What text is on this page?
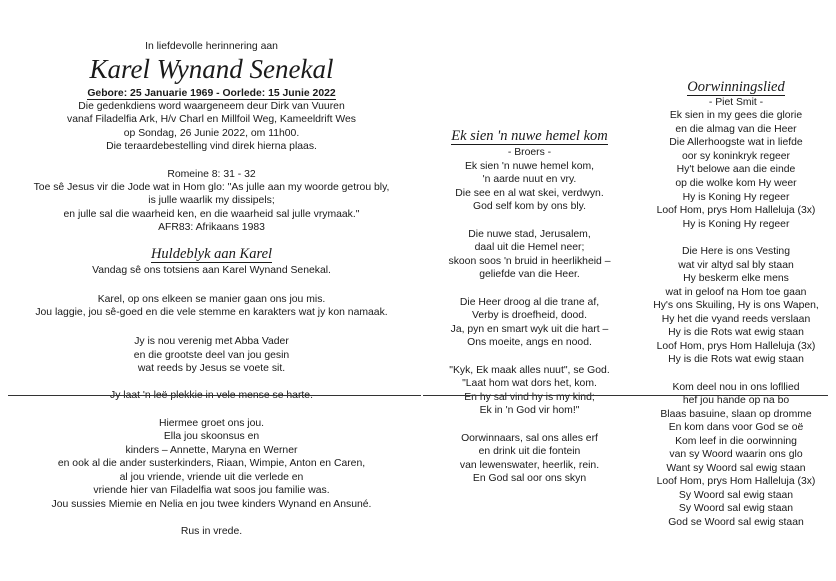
In liefdevolle herinnering aan
Karel Wynand Senekal
Gebore: 25 Januarie 1969 - Oorlede: 15 Junie 2022
Die gedenkdiens word waargeneem deur Dirk van Vuuren
vanaf Filadelfia Ark, H/v Charl en Millfoil Weg, Kameeldrift Wes
op Sondag, 26 Junie 2022, om 11h00.
Die teraardebestelling vind direk hierna plaas.
Romeine 8: 31 - 32
Toe sê Jesus vir die Jode wat in Hom glo: "As julle aan my woorde getrou bly,
is julle waarlik my dissipels;
en julle sal die waarheid ken, en die waarheid sal julle vrymaak."
AFR83: Afrikaans 1983
Huldeblyk aan Karel
Vandag sê ons totsiens aan Karel Wynand Senekal.
Karel, op ons elkeen se manier gaan ons jou mis.
Jou laggie, jou sê-goed en die vele stemme en karakters wat jy kon namaak.
Jy is nou verenig met Abba Vader
en die grootste deel van jou gesin
wat reeds by Jesus se voete sit.
Jy laat 'n leë plekkie in vele mense se harte.
Hiermee groet ons jou.
Ella jou skoonsus en
kinders – Annette, Maryna en Werner
en ook al die ander susterkinders, Riaan, Wimpie, Anton en Caren,
al jou vriende, vriende uit die verlede en
vriende hier van Filadelfia wat soos jou familie was.
Jou sussies Miemie en Nelia en jou twee kinders Wynand en Ansuné.
Rus in vrede.
Ek sien 'n nuwe hemel kom
- Broers -
Ek sien 'n nuwe hemel kom,
'n aarde nuut en vry.
Die see en al wat skei, verdwyn.
God self kom by ons bly.
Die nuwe stad, Jerusalem,
daal uit die Hemel neer;
skoon soos 'n bruid in heerlikheid –
geliefde van die Heer.
Die Heer droog al die trane af,
Verby is droefheid, dood.
Ja, pyn en smart wyk uit die hart –
Ons moeite, angs en nood.
"Kyk, Ek maak alles nuut", se God.
"Laat hom wat dors het, kom.
En hy sal vind hy is my kind;
Ek in 'n God vir hom!"
Oorwinnaars, sal ons alles erf
en drink uit die fontein
van lewenswater, heerlik, rein.
En God sal oor ons skyn
Oorwinningslied
- Piet Smit -
Ek sien in my gees die glorie
en die almag van die Heer
Die Allerhoogste wat in liefde
oor sy koninkryk regeer
Hy't belowe aan die einde
op die wolke kom Hy weer
Hy is Koning Hy regeer
Loof Hom, prys Hom Halleluja (3x)
Hy is Koning Hy regeer
Die Here is ons Vesting
wat vir altyd sal bly staan
Hy beskerm elke mens
wat in geloof na Hom toe gaan
Hy's ons Skuiling, Hy is ons Wapen,
Hy het die vyand reeds verslaan
Hy is die Rots wat ewig staan
Loof Hom, prys Hom Halleluja (3x)
Hy is die Rots wat ewig staan
Kom deel nou in ons lofllied
hef jou hande op na bo
Blaas basuine, slaan op dromme
En kom dans voor God se oë
Kom leef in die oorwinning
van sy Woord waarin ons glo
Want sy Woord sal ewig staan
Loof Hom, prys Hom Halleluja (3x)
Sy Woord sal ewig staan
Sy Woord sal ewig staan
God se Woord sal ewig staan
